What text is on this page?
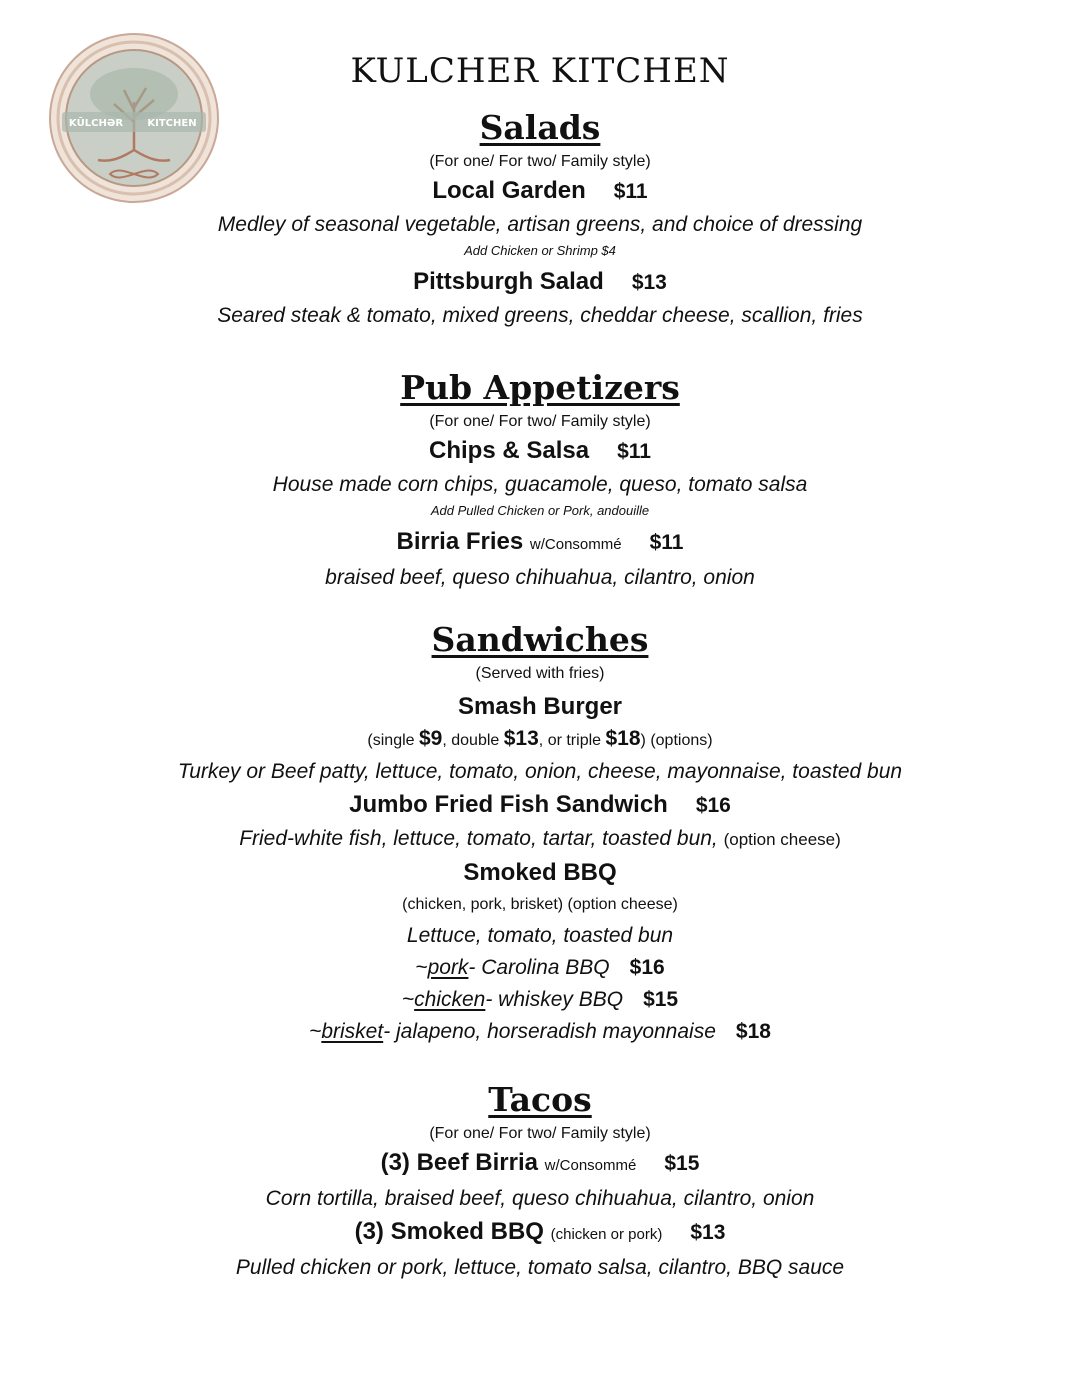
KŪLCHƏR KITCHEN
KULCHER KITCHEN
Salads

(For one/ For two/ Family style)

Local Garden $11

Medley of seasonal vegetable, artisan greens, and choice of dressing

Add Chicken or Shrimp $4

Pittsburgh Salad $13

Seared steak & tomato, mixed greens, cheddar cheese, scallion, fries

Pub Appetizers

(For one/ For two/ Family style)

Chips & Salsa $11

House made corn chips, guacamole, queso, tomato salsa

Add Pulled Chicken or Pork, andouille

Birria Fries w/Consommé $11

braised beef, queso chihuahua, cilantro, onion

Sandwiches

(Served with fries)

Smash Burger

(single $9, double $13, or triple $18) (options)

Turkey or Beef patty, lettuce, tomato, onion, cheese, mayonnaise, toasted bun

Jumbo Fried Fish Sandwich $16

Fried-white fish, lettuce, tomato, tartar, toasted bun, (option cheese)

Smoked BBQ

(chicken, pork, brisket) (option cheese)

Lettuce, tomato, toasted bun

~pork- Carolina BBQ $16

~chicken- whiskey BBQ $15

~brisket- jalapeno, horseradish mayonnaise $18

Tacos

(For one/ For two/ Family style)

(3) Beef Birria w/Consommé $15

Corn tortilla, braised beef, queso chihuahua, cilantro, onion

(3) Smoked BBQ (chicken or pork) $13

Pulled chicken or pork, lettuce, tomato salsa, cilantro, BBQ sauce
